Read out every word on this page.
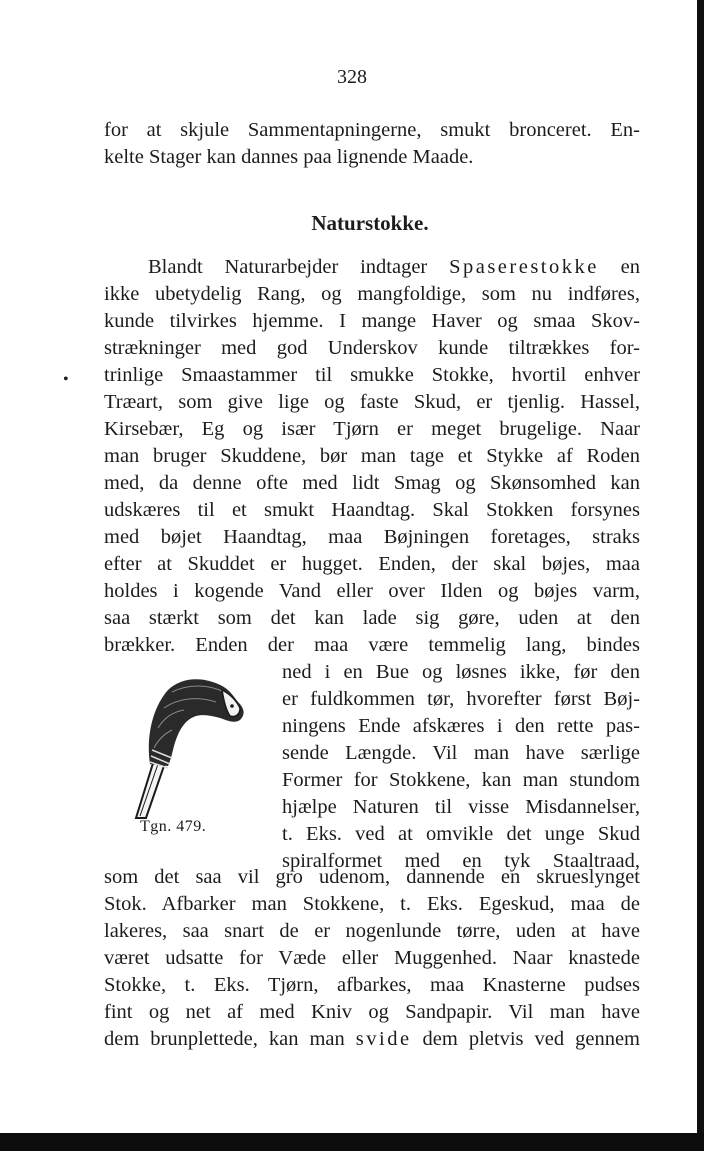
328
for at skjule Sammentapningerne, smukt bronceret. En-
kelte Stager kan dannes paa lignende Maade.
Naturstokke.
Blandt Naturarbejder indtager Spaserestokke en
ikke ubetydelig Rang, og mangfoldige, som nu indføres,
kunde tilvirkes hjemme. I mange Haver og smaa Skov-
strækninger med god Underskov kunde tiltrækkes for-
trinlige Smaastammer til smukke Stokke, hvortil enhver
Træart, som give lige og faste Skud, er tjenlig. Hassel,
Kirsebær, Eg og især Tjørn er meget brugelige. Naar
man bruger Skuddene, bør man tage et Stykke af Roden
med, da denne ofte med lidt Smag og Skønsomhed kan
udskæres til et smukt Haandtag. Skal Stokken forsynes
med bøjet Haandtag, maa Bøjningen foretages, straks
efter at Skuddet er hugget. Enden, der skal bøjes, maa
holdes i kogende Vand eller over Ilden og bøjes varm,
saa stærkt som det kan lade sig gøre, uden at den
brækker. Enden der maa være temmelig lang, bindes
ned i en Bue og løsnes ikke, før den
er fuldkommen tør, hvorefter først Bøj-
ningens Ende afskæres i den rette pas-
sende Længde. Vil man have særlige
Former for Stokkene, kan man stundom
hjælpe Naturen til visse Misdannelser,
t. Eks. ved at omvikle det unge Skud
spiralformet med en tyk Staaltraad,
Tgn. 479.
som det saa vil gro udenom, dannende en skrueslynget
Stok. Afbarker man Stokkene, t. Eks. Egeskud, maa de
lakeres, saa snart de er nogenlunde tørre, uden at have
været udsatte for Væde eller Muggenhed. Naar knastede
Stokke, t. Eks. Tjørn, afbarkes, maa Knasterne pudses
fint og net af med Kniv og Sandpapir. Vil man have
dem brunplettede, kan man svide dem pletvis ved gennem
•
